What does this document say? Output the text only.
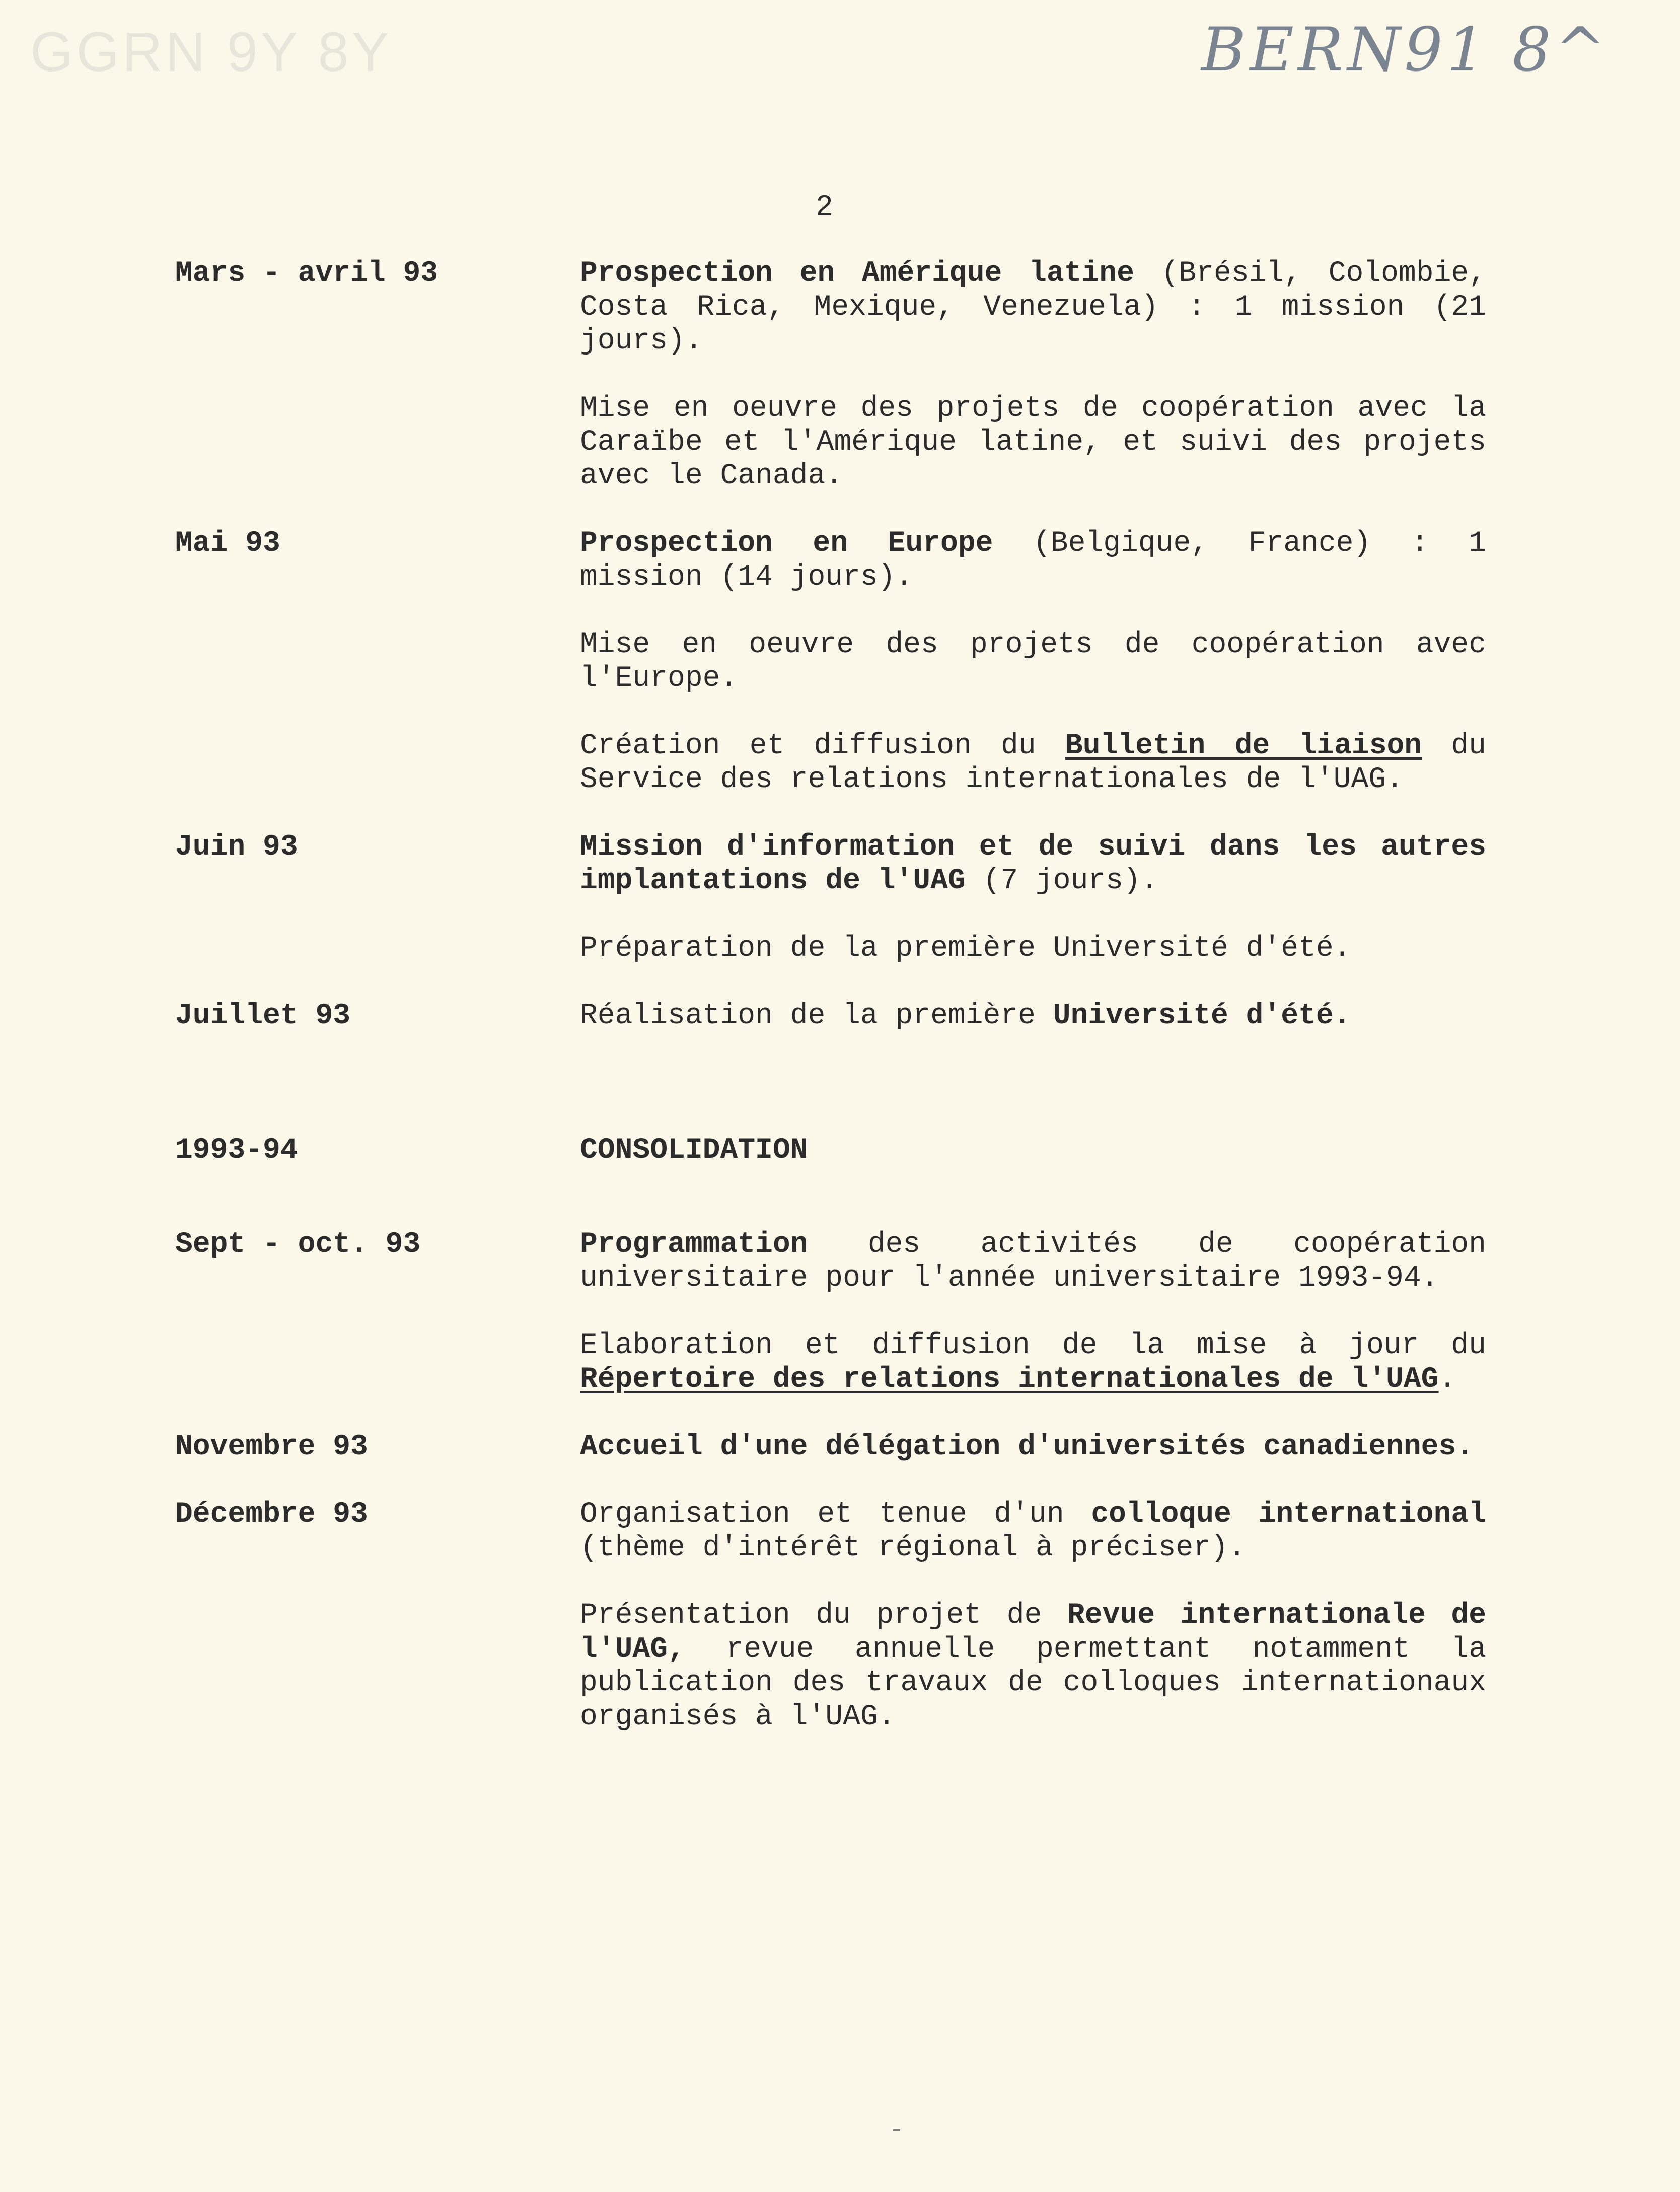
GGRN 9Y 8Y	BERN91 8^
2
Mars - avril 93	Prospection en Amérique latine (Brésil, Colombie, Costa Rica, Mexique, Venezuela) : 1 mission (21 jours).

Mise en oeuvre des projets de coopération avec la Caraïbe et l'Amérique latine, et suivi des projets avec le Canada.

Mai 93	Prospection en Europe (Belgique, France) : 1 mission (14 jours).

Mise en oeuvre des projets de coopération avec l'Europe.

Création et diffusion du Bulletin de liaison du Service des relations internationales de l'UAG.

Juin 93	Mission d'information et de suivi dans les autres implantations de l'UAG (7 jours).

Préparation de la première Université d'été.

Juillet 93	Réalisation de la première Université d'été.

1993-94	CONSOLIDATION

Sept - oct. 93	Programmation des activités de coopération universitaire pour l'année universitaire 1993-94.

Elaboration et diffusion de la mise à jour du Répertoire des relations internationales de l'UAG.

Novembre 93	Accueil d'une délégation d'universités canadiennes.

Décembre 93	Organisation et tenue d'un colloque international (thème d'intérêt régional à préciser).

Présentation du projet de Revue internationale de l'UAG, revue annuelle permettant notamment la publication des travaux de colloques internationaux organisés à l'UAG.
